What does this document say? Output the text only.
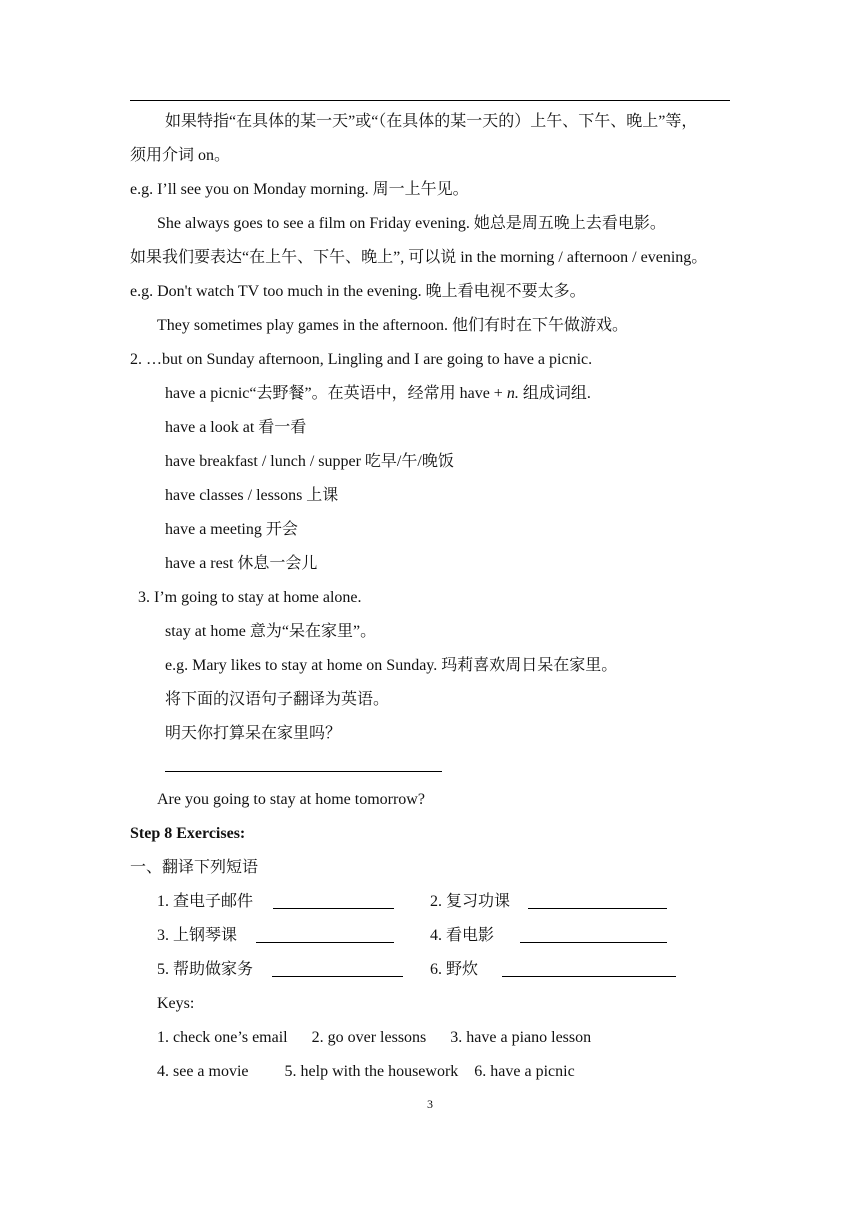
如果特指“在具体的某一天”或“（在具体的某一天的）上午、下午、晚上”等，
须用介词 on。
e.g. I’ll see you on Monday morning. 周一上午见。
She always goes to see a film on Friday evening. 她总是周五晚上去看电影。
如果我们要表达“在上午、下午、晚上”, 可以说 in the morning / afternoon / evening。
e.g. Don't watch TV too much in the evening. 晚上看电视不要太多。
They sometimes play games in the afternoon. 他们有时在下午做游戏。
2. …but on Sunday afternoon, Lingling and I are going to have a picnic.
have a picnic“去野餐”。在英语中，经常用 have + n. 组成词组.
have a look at 看一看
have breakfast / lunch / supper 吃早/午/晚饭
have classes / lessons 上课
have a meeting 开会
have a rest 休息一会儿
3. I’m going to stay at home alone.
stay at home 意为“呆在家里”。
e.g. Mary likes to stay at home on Sunday. 玛莉喜欢周日呆在家里。
将下面的汉语句子翻译为英语。
明天你打算呆在家里吗？
Are you going to stay at home tomorrow?
Step 8 Exercises:
一、翻译下列短语
1. 查电子邮件	2. 复习功课
3. 上钢琴课	4. 看电影
5. 帮助做家务	6. 野炊
Keys:
1. check one’s email      2. go over lessons      3. have a piano lesson
4. see a movie         5. help with the housework    6. have a picnic
3
